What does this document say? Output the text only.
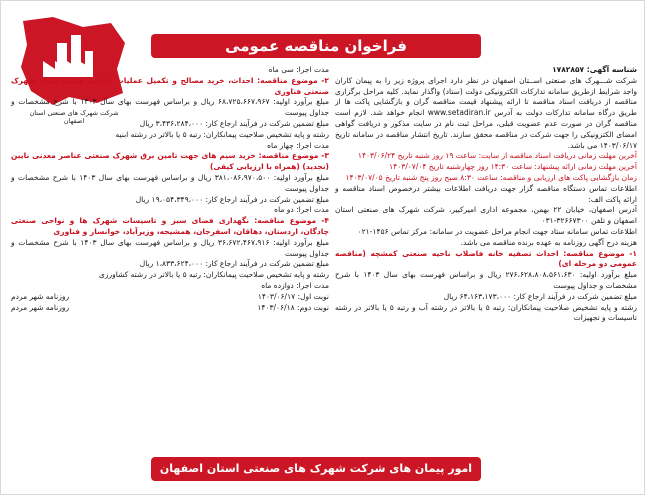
شرکت شهرک های صنعتی استان اصفهان
فراخوان مناقصه عمومی

شناسه آگهی: ۱۷۸۲۸۵۷

شرکت شـــهرک های صنعتی اســتان اصفهان در نظر دارد اجرای پروژه زیر را به پیمان کاران واجد شرایط ازطریق سامانه تدارکات الکترونیکی دولت (ستاد) واگذار نماید. کلیه مراحل برگزاری مناقصه از دریافت اسناد مناقصه تا ارائه پیشنهاد قیمت مناقصه گران و بازگشایی پاکت ها از طریق درگاه سامانه تدارکات دولت به آدرس www.setadiran.ir انجام خواهد شد. لازم است مناقصه گران در صورت عدم عضویت قبلی، مراحل ثبت نام در سایت مذکور و دریافت گواهی امضای الکترونیکی را جهت شرکت در مناقصه محقق سازند. تاریخ انتشار مناقصه در سامانه تاریخ ۱۴۰۳/۰۶/۱۷ می باشد.

آخرین مهلت زمانی دریافت اسناد مناقصه از سایت: ساعت ۱۹ روز شنبه تاریخ ۱۴۰۳/۰۶/۲۴

آخرین مهلت زمانی ارائه پیشنهاد: ساعت ۱۴:۳۰ روز چهارشنبه تاریخ ۱۴۰۳/۰۷/۰۴

زمان بازگشایی پاکت های ارزیابی و مناقصه: ساعت ۸:۳۰ صبح روز پنج شنبه تاریخ ۱۴۰۳/۰۷/۰۵

اطلاعات تماس دستگاه مناقصه گزار جهت دریافت اطلاعات بیشتر درخصوص اسناد مناقصه و ارائه پاکت الف:

آدرس اصفهان، خیابان ۲۲ بهمن، مجموعه اداری امیرکبیر، شرکت شهرک های صنعتی استان اصفهان و تلفن ۳۲۶۶۷۳۰۰-۰۳۱

اطلاعات تماس سامانه ستاد جهت انجام مراحل عضویت در سامانه: مرکز تماس ۱۴۵۶-۰۲۱

هزینه درج آگهی روزنامه به عهده برنده مناقصه می باشد.

۱- موضوع مناقصه: احداث تصفیه خانه فاضلاب ناحیه صنعتی کمشچه (مناقصه عمومی دو مرحله ای)

مبلغ برآورد اولیه: ۲۷۶،۶۲۸،۸۰۸،۵۶۱،۶۳۰ ریال و براساس فهرست بهای سال ۱۴۰۳ با شرح مشخصات و جداول پیوست

مبلغ تضمین شرکت در فرآیند ارجاع کار: ۶۴،۱۶۳،۱۷۳،۰۰۰ ریال

رشته و پایه تشخیص صلاحیت پیمانکاران: رتبه ۵ یا بالاتر در رشته آب و رتبه ۵ یا بالاتر در رشته تاسیسات و تجهیزات

مدت اجرا: سی ماه

۲- موضوع مناقصه: احداث، خرید مصالح و تکمیل عملیات اجرایی هشت سوله شهرک صنعتی فناوری

مبلغ برآورد اولیه: ۶۸،۷۲۵،۶۶۷،۹۶۷ ریال و براساس فهرست بهای سال ۱۴۰۳ با شرح مشخصات و جداول پیوست

مبلغ تضمین شرکت در فرآیند ارجاع کار: ۳،۴۳۶،۲۸۴،۰۰۰ ریال

رشته و پایه تشخیص صلاحیت پیمانکاران: رتبه ۵ یا بالاتر در رشته ابنیه

مدت اجرا: چهار ماه

۳- موضوع مناقصه: خرید سیم های جهت تامین برق شهرک صنعتی عناصر معدنی نایین (تجدید) (همراه با ارزیابی کیفی)

مبلغ برآورد اولیه: ۳۸۱،۰۸۶،۹۷۰،۵۰۰ ریال و براساس فهرست بهای سال ۱۴۰۳ با شرح مشخصات و جداول پیوست

مبلغ تضمین شرکت در فرآیند ارجاع کار: ۱۹،۰۵۴،۳۴۹،۰۰۰ ریال

مدت اجرا: دو ماه

۴- موضوع مناقصه: نگهداری فضای سبز و تاسیسات شهرک ها و نواحی صنعتی چادگان، اردستان، دهاقان، اسفرجان، همشیجه، وزیرآباد، خوانسار و فناوری

مبلغ برآورد اولیه: ۳۶،۶۷۲،۴۶۷،۹۱۶ ریال و براساس فهرست بهای سال ۱۴۰۳ با شرح مشخصات و جداول پیوست

مبلغ تضمین شرکت در فرآیند ارجاع کار: ۱،۸۳۳،۶۲۴،۰۰۰ ریال

رشته و پایه تشخیص صلاحیت پیمانکاران: رتبه ۵ یا بالاتر در رشته کشاورزی

مدت اجرا: دوازده ماه

نوبت اول: ۱۴۰۳/۰۶/۱۷
روزنامه شهر مردم
نوبت دوم: ۱۴۰۳/۰۶/۱۸
روزنامه شهر مردم
امور پیمان های شرکت شهرک های صنعتی استان اصفهان
